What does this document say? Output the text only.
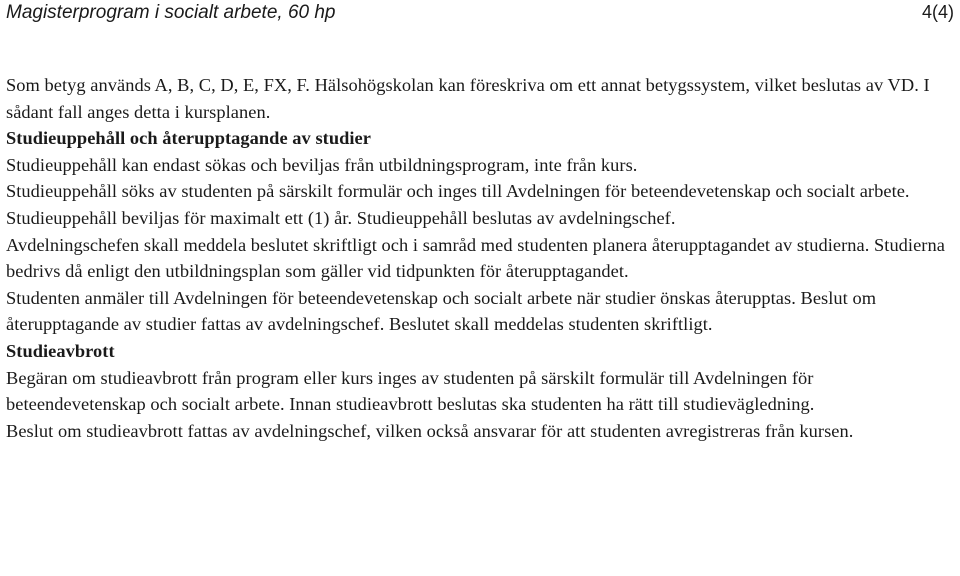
Magisterprogram i socialt arbete, 60 hp	4(4)

Som betyg används A, B, C, D, E, FX, F. Hälsohögskolan kan föreskriva om ett annat betygssystem, vilket beslutas av VD. I sådant fall anges detta i kursplanen.

Studieuppehåll och återupptagande av studier

Studieuppehåll kan endast sökas och beviljas från utbildningsprogram, inte från kurs.

Studieuppehåll söks av studenten på särskilt formulär och inges till Avdelningen för beteendevetenskap och socialt arbete.

Studieuppehåll beviljas för maximalt ett (1) år. Studieuppehåll beslutas av avdelningschef.

Avdelningschefen skall meddela beslutet skriftligt och i samråd med studenten planera återupptagandet av studierna. Studierna bedrivs då enligt den utbildningsplan som gäller vid tidpunkten för återupptagandet.

Studenten anmäler till Avdelningen för beteendevetenskap och socialt arbete när studier önskas återupptas. Beslut om återupptagande av studier fattas av avdelningschef. Beslutet skall meddelas studenten skriftligt.

Studieavbrott

Begäran om studieavbrott från program eller kurs inges av studenten på särskilt formulär till Avdelningen för beteendevetenskap och socialt arbete. Innan studieavbrott beslutas ska studenten ha rätt till studievägledning.

Beslut om studieavbrott fattas av avdelningschef, vilken också ansvarar för att studenten avregistreras från kursen.
